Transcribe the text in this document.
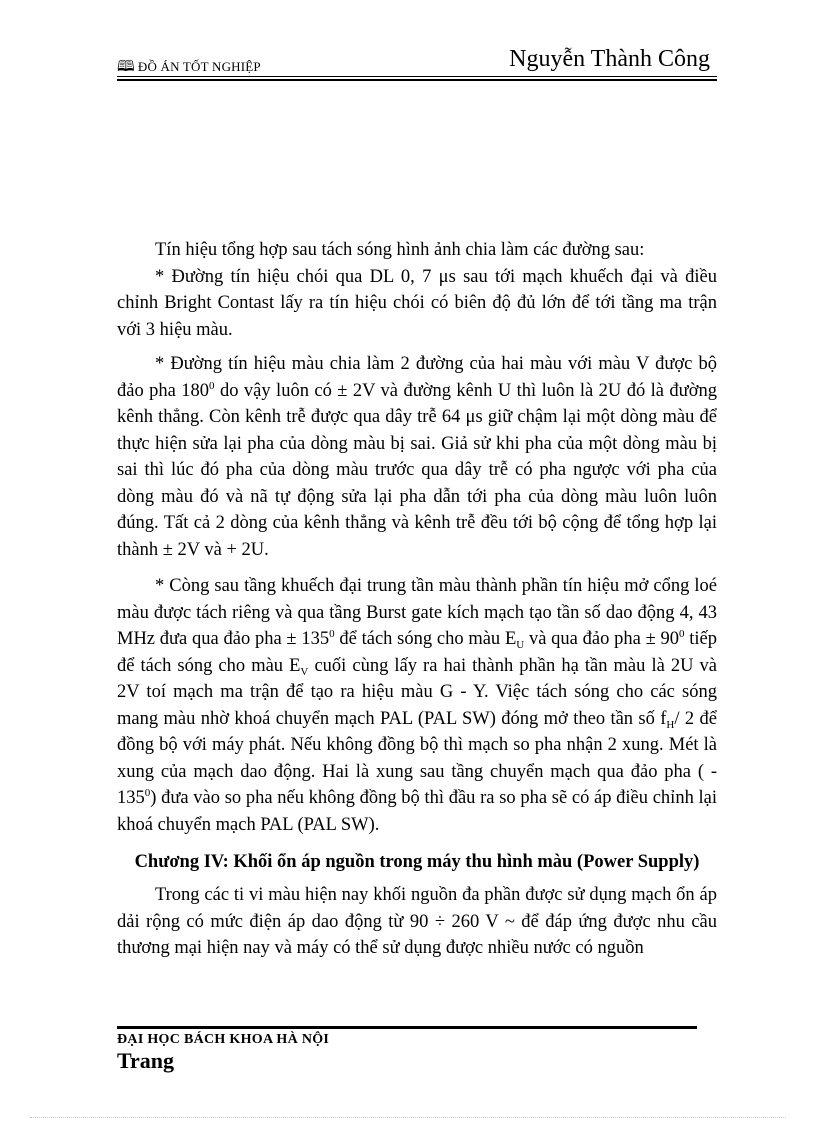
🕮 ĐỒ ÁN TỐT NGHIỆP	Nguyễn Thành Công

Tín hiệu tổng hợp sau tách sóng hình ảnh chia làm các đường sau:

* Đường tín hiệu chói qua DL 0, 7 μs sau tới mạch khuếch đại và điều chỉnh Bright Contast lấy ra tín hiệu chói có biên độ đủ lớn để tới tầng ma trận với 3 hiệu màu.

* Đường tín hiệu màu chia làm 2 đường của hai màu với màu V được bộ đảo pha $180^0$ do vậy luôn có ± 2V và đường kênh U thì luôn là 2U đó là đường kênh thẳng. Còn kênh trễ được qua dây trễ 64 μs giữ chậm lại một dòng màu để thực hiện sửa lại pha của dòng màu bị sai. Giả sử khi pha của một dòng màu bị sai thì lúc đó pha của dòng màu trước qua dây trễ có pha ngược với pha của dòng màu đó và nã tự động sửa lại pha dẫn tới pha của dòng màu luôn luôn đúng. Tất cả 2 dòng của kênh thẳng và kênh trễ đều tới bộ cộng để tổng hợp lại thành ± 2V và + 2U.

* Còng sau tầng khuếch đại trung tần màu thành phần tín hiệu mở cổng loé màu được tách riêng và qua tầng Burst gate kích mạch tạo tần số dao động 4, 43 MHz đưa qua đảo pha ± $135^0$ để tách sóng cho màu $E_U$ và qua đảo pha ± $90^0$ tiếp để tách sóng cho màu $E_V$ cuối cùng lấy ra hai thành phần hạ tần màu là 2U và 2V toí mạch ma trận để tạo ra hiệu màu G - Y. Việc tách sóng cho các sóng mang màu nhờ khoá chuyển mạch PAL (PAL SW) đóng mở theo tần số $f_H/$ 2 để đồng bộ với máy phát. Nếu không đồng bộ thì mạch so pha nhận 2 xung. Mét là xung của mạch dao động. Hai là xung sau tầng chuyển mạch qua đảo pha ( - $135^0$) đưa vào so pha nếu không đồng bộ thì đầu ra so pha sẽ có áp điều chỉnh lại khoá chuyển mạch PAL (PAL SW).

Chương IV: Khối ổn áp nguồn trong máy thu hình màu (Power Supply)

Trong các ti vi màu hiện nay khối nguồn đa phần được sử dụng mạch ổn áp dải rộng có mức điện áp dao động từ 90 ÷ 260 V ~ để đáp ứng được nhu cầu thương mại hiện nay và máy có thể sử dụng được nhiều nước có nguồn

ĐẠI HỌC BÁCH KHOA HÀ NỘI
Trang
